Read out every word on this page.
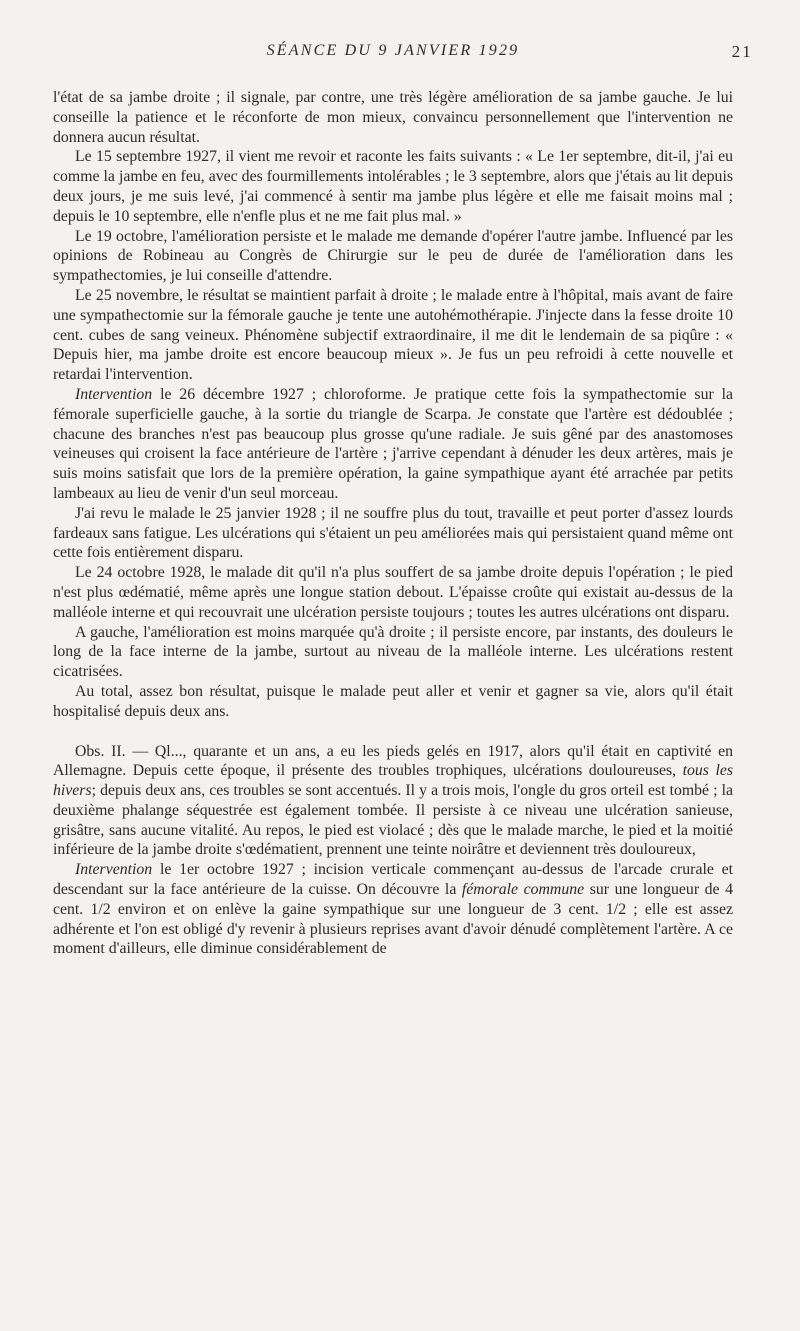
SÉANCE DU 9 JANVIER 1929	21

l'état de sa jambe droite ; il signale, par contre, une très légère amélioration de sa jambe gauche. Je lui conseille la patience et le réconforte de mon mieux, convaincu personnellement que l'intervention ne donnera aucun résultat.

Le 15 septembre 1927, il vient me revoir et raconte les faits suivants : « Le 1er septembre, dit-il, j'ai eu comme la jambe en feu, avec des fourmillements intolérables ; le 3 septembre, alors que j'étais au lit depuis deux jours, je me suis levé, j'ai commencé à sentir ma jambe plus légère et elle me faisait moins mal ; depuis le 10 septembre, elle n'enfle plus et ne me fait plus mal. »

Le 19 octobre, l'amélioration persiste et le malade me demande d'opérer l'autre jambe. Influencé par les opinions de Robineau au Congrès de Chirurgie sur le peu de durée de l'amélioration dans les sympathectomies, je lui conseille d'attendre.

Le 25 novembre, le résultat se maintient parfait à droite ; le malade entre à l'hôpital, mais avant de faire une sympathectomie sur la fémorale gauche je tente une autohémothérapie. J'injecte dans la fesse droite 10 cent. cubes de sang veineux. Phénomène subjectif extraordinaire, il me dit le lendemain de sa piqûre : « Depuis hier, ma jambe droite est encore beaucoup mieux ». Je fus un peu refroidi à cette nouvelle et retardai l'intervention.

Intervention le 26 décembre 1927 ; chloroforme. Je pratique cette fois la sympathectomie sur la fémorale superficielle gauche, à la sortie du triangle de Scarpa. Je constate que l'artère est dédoublée ; chacune des branches n'est pas beaucoup plus grosse qu'une radiale. Je suis gêné par des anastomoses veineuses qui croisent la face antérieure de l'artère ; j'arrive cependant à dénuder les deux artères, mais je suis moins satisfait que lors de la première opération, la gaine sympathique ayant été arrachée par petits lambeaux au lieu de venir d'un seul morceau.

J'ai revu le malade le 25 janvier 1928 ; il ne souffre plus du tout, travaille et peut porter d'assez lourds fardeaux sans fatigue. Les ulcérations qui s'étaient un peu améliorées mais qui persistaient quand même ont cette fois entièrement disparu.

Le 24 octobre 1928, le malade dit qu'il n'a plus souffert de sa jambe droite depuis l'opération ; le pied n'est plus œdématié, même après une longue station debout. L'épaisse croûte qui existait au-dessus de la malléole interne et qui recouvrait une ulcération persiste toujours ; toutes les autres ulcérations ont disparu.

A gauche, l'amélioration est moins marquée qu'à droite ; il persiste encore, par instants, des douleurs le long de la face interne de la jambe, surtout au niveau de la malléole interne. Les ulcérations restent cicatrisées.

Au total, assez bon résultat, puisque le malade peut aller et venir et gagner sa vie, alors qu'il était hospitalisé depuis deux ans.

Obs. II. — Ql..., quarante et un ans, a eu les pieds gelés en 1917, alors qu'il était en captivité en Allemagne. Depuis cette époque, il présente des troubles trophiques, ulcérations douloureuses, tous les hivers; depuis deux ans, ces troubles se sont accentués. Il y a trois mois, l'ongle du gros orteil est tombé ; la deuxième phalange séquestrée est également tombée. Il persiste à ce niveau une ulcération sanieuse, grisâtre, sans aucune vitalité. Au repos, le pied est violacé ; dès que le malade marche, le pied et la moitié inférieure de la jambe droite s'œdématient, prennent une teinte noirâtre et deviennent très douloureux,

Intervention le 1er octobre 1927 ; incision verticale commençant au-dessus de l'arcade crurale et descendant sur la face antérieure de la cuisse. On découvre la fémorale commune sur une longueur de 4 cent. 1/2 environ et on enlève la gaine sympathique sur une longueur de 3 cent. 1/2 ; elle est assez adhérente et l'on est obligé d'y revenir à plusieurs reprises avant d'avoir dénudé complètement l'artère. A ce moment d'ailleurs, elle diminue considérablement de
